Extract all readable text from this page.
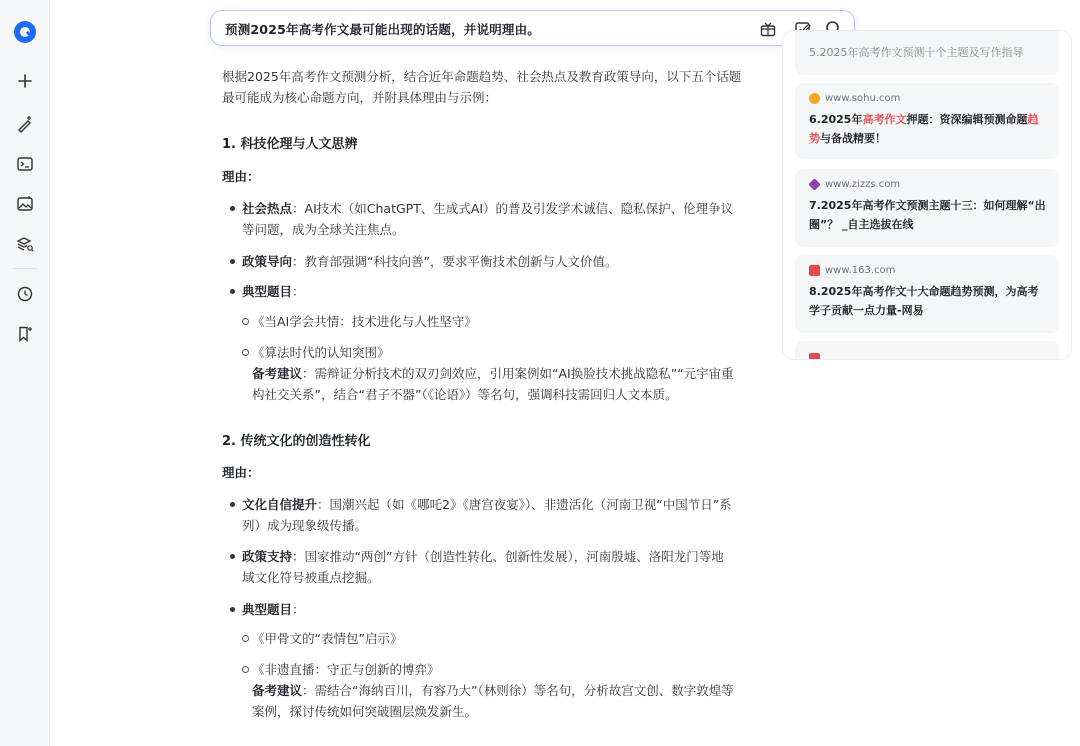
预测2025年高考作文最可能出现的话题，并说明理由。
根据2025年高考作文预测分析，结合近年命题趋势、社会热点及教育政策导向，以下五个话题最可能成为核心命题方向，并附具体理由与示例：
1. 科技伦理与人文思辨
理由：
社会热点：AI技术（如ChatGPT、生成式AI）的普及引发学术诚信、隐私保护、伦理争议等问题，成为全球关注焦点。
政策导向：教育部强调“科技向善”，要求平衡技术创新与人文价值。
典型题目：
《当AI学会共情：技术进化与人性坚守》
《算法时代的认知突围》
备考建议：需辩证分析技术的双刃剑效应，引用案例如“AI换脸技术挑战隐私”“元宇宙重构社交关系”，结合“君子不器”（《论语》）等名句，强调科技需回归人文本质。
2. 传统文化的创造性转化
理由：
文化自信提升：国潮兴起（如《哪吒2》《唐宫夜宴》）、非遗活化（河南卫视“中国节日”系列）成为现象级传播。
政策支持：国家推动“两创”方针（创造性转化、创新性发展），河南殷墟、洛阳龙门等地域文化符号被重点挖掘。
典型题目：
《甲骨文的“表情包”启示》
《非遗直播：守正与创新的博弈》
备考建议：需结合“海纳百川，有容乃大”（林则徐）等名句，分析故宫文创、数字敦煌等案例，探讨传统如何突破圈层焕发新生。
5.2025年高考作文预测十个主题及写作指导
www.sohu.com
6.2025年高考作文押题：资深编辑预测命题趋势与备战精要！
www.zizzs.com
7.2025年高考作文预测主题十三：如何理解“出圈”？ _自主选拔在线
www.163.com
8.2025年高考作文十大命题趋势预测，为高考学子贡献一点力量-网易
